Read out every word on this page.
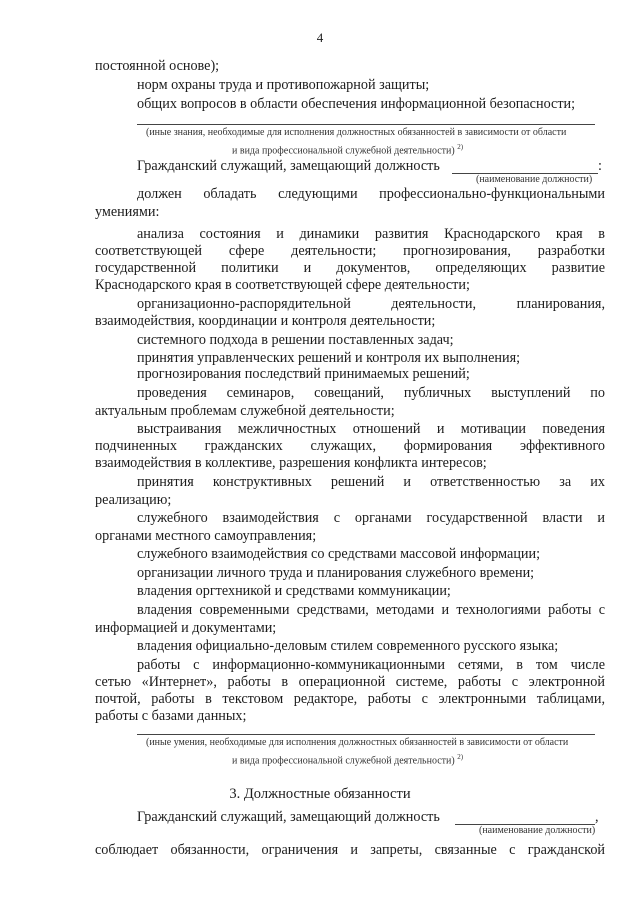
4
постоянной основе);
норм охраны труда и противопожарной защиты;
общих вопросов в области обеспечения информационной безопасности;
(иные знания, необходимые для исполнения должностных обязанностей в зависимости от области
и вида профессиональной служебной деятельности) $^{2)}$
Гражданский служащий, замещающий должность	:
(наименование должности)
должен обладать следующими профессионально-функциональными
умениями:
анализа состояния и динамики развития Краснодарского края в
соответствующей сфере деятельности; прогнозирования, разработки
государственной политики и документов, определяющих развитие
Краснодарского края в соответствующей сфере деятельности;
организационно-распорядительной деятельности, планирования,
взаимодействия, координации и контроля деятельности;
системного подхода в решении поставленных задач;
принятия управленческих решений и контроля их выполнения;
прогнозирования последствий принимаемых решений;
проведения семинаров, совещаний, публичных выступлений по
актуальным проблемам служебной деятельности;
выстраивания межличностных отношений и мотивации поведения
подчиненных гражданских служащих, формирования эффективного
взаимодействия в коллективе, разрешения конфликта интересов;
принятия конструктивных решений и ответственностью за их
реализацию;
служебного взаимодействия с органами государственной власти и
органами местного самоуправления;
служебного взаимодействия со средствами массовой информации;
организации личного труда и планирования служебного времени;
владения оргтехникой и средствами коммуникации;
владения современными средствами, методами и технологиями работы с
информацией и документами;
владения официально-деловым стилем современного русского языка;
работы с информационно-коммуникационными сетями, в том числе
сетью «Интернет», работы в операционной системе, работы с электронной
почтой, работы в текстовом редакторе, работы с электронными таблицами,
работы с базами данных;
(иные умения, необходимые для исполнения должностных обязанностей в зависимости от области
и вида профессиональной служебной деятельности) $^{2)}$
3. Должностные обязанности
Гражданский служащий, замещающий должность	,
(наименование должности)
соблюдает обязанности, ограничения и запреты, связанные с гражданской
